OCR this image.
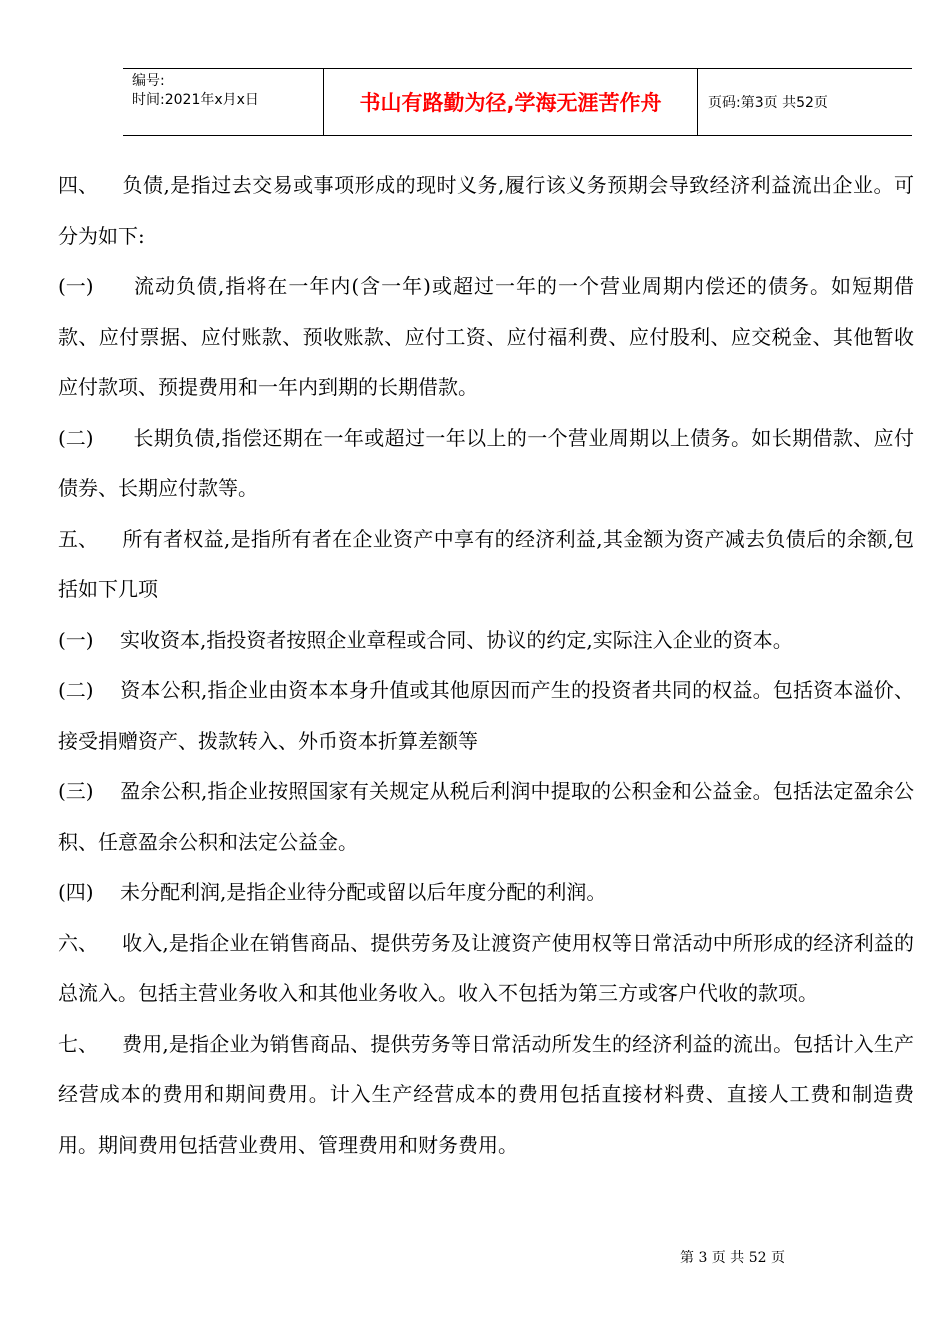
编号:
时间:2021年x月x日	书山有路勤为径,学海无涯苦作舟	页码:第3页 共52页

四、 负债,是指过去交易或事项形成的现时义务,履行该义务预期会导致经济利益流出企业。可分为如下:

(一) 流动负债,指将在一年内(含一年)或超过一年的一个营业周期内偿还的债务。如短期借款、应付票据、应付账款、预收账款、应付工资、应付福利费、应付股利、应交税金、其他暂收应付款项、预提费用和一年内到期的长期借款。

(二) 长期负债,指偿还期在一年或超过一年以上的一个营业周期以上债务。如长期借款、应付债券、长期应付款等。

五、 所有者权益,是指所有者在企业资产中享有的经济利益,其金额为资产减去负债后的余额,包括如下几项

(一) 实收资本,指投资者按照企业章程或合同、协议的约定,实际注入企业的资本。

(二) 资本公积,指企业由资本本身升值或其他原因而产生的投资者共同的权益。包括资本溢价、接受捐赠资产、拨款转入、外币资本折算差额等

(三) 盈余公积,指企业按照国家有关规定从税后利润中提取的公积金和公益金。包括法定盈余公积、任意盈余公积和法定公益金。

(四) 未分配利润,是指企业待分配或留以后年度分配的利润。

六、 收入,是指企业在销售商品、提供劳务及让渡资产使用权等日常活动中所形成的经济利益的总流入。包括主营业务收入和其他业务收入。收入不包括为第三方或客户代收的款项。

七、 费用,是指企业为销售商品、提供劳务等日常活动所发生的经济利益的流出。包括计入生产经营成本的费用和期间费用。计入生产经营成本的费用包括直接材料费、直接人工费和制造费用。期间费用包括营业费用、管理费用和财务费用。

第 3 页 共 52 页
